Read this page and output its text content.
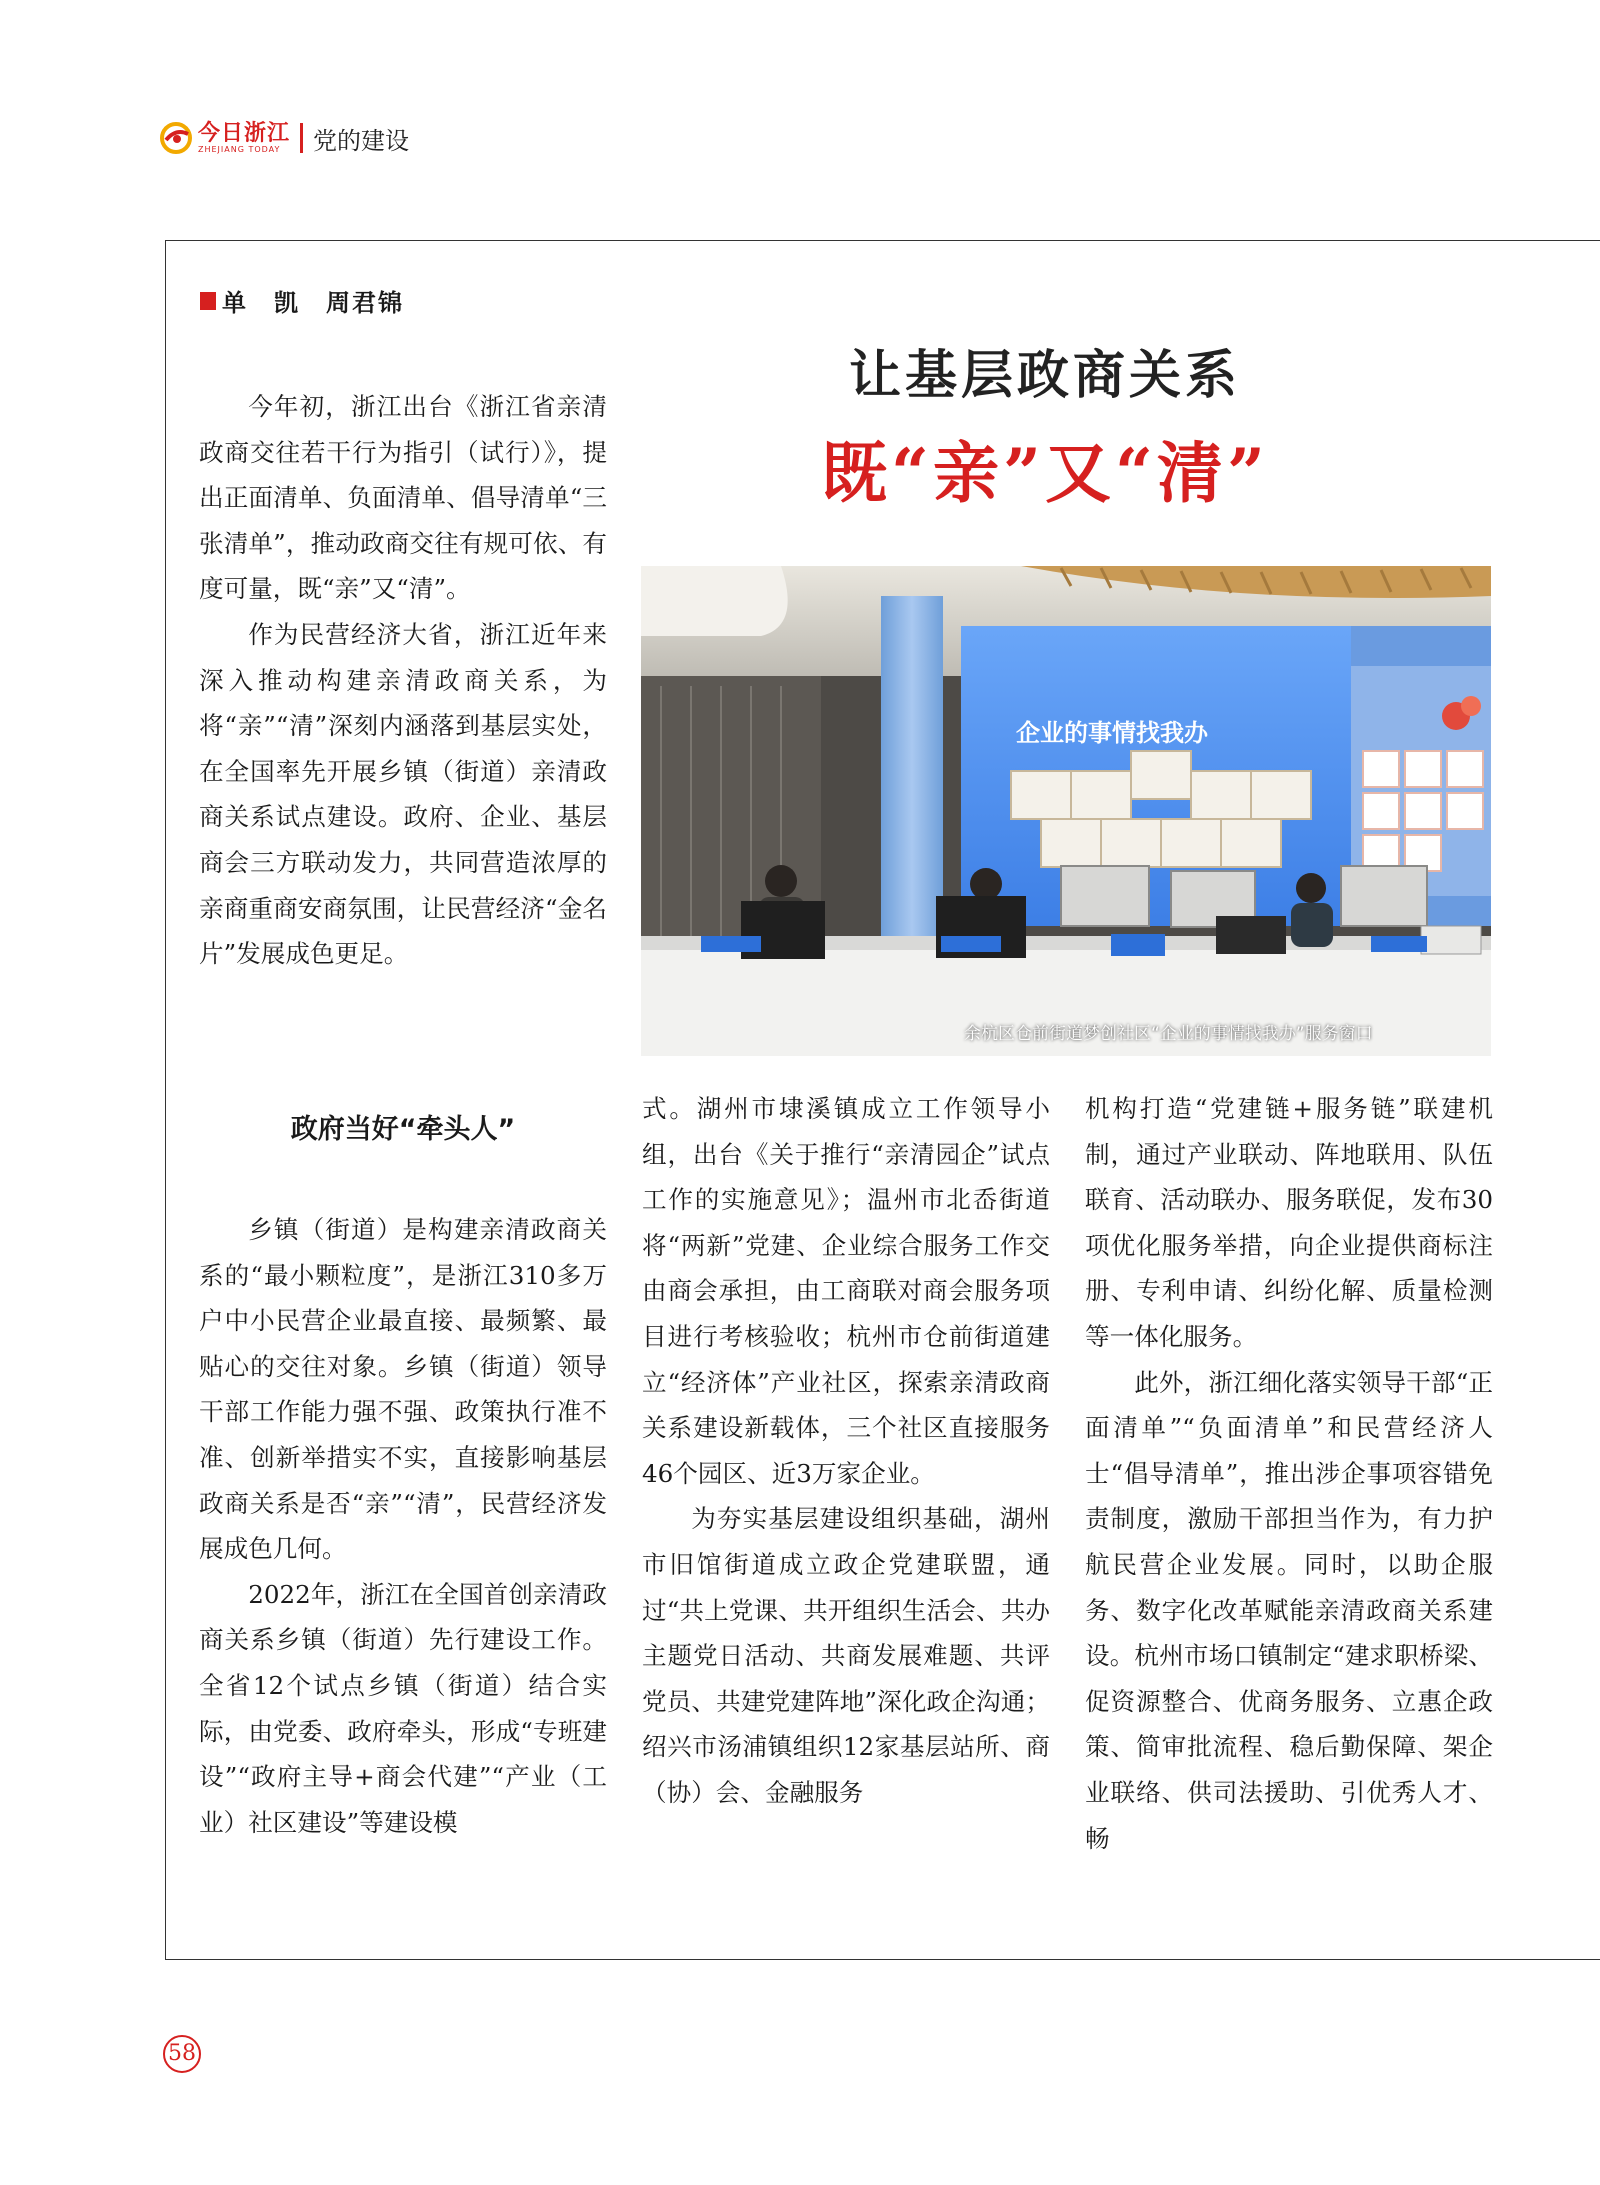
今日浙江
ZHEJIANG TODAY	党的建设
单　凯　周君锦
让基层政商关系
既“亲”又“清”
企业的事情找我办
余杭区仓前街道梦创社区“企业的事情找我办”服务窗口

今年初，浙江出台《浙江省亲清政商交往若干行为指引（试行）》，提出正面清单、负面清单、倡导清单“三张清单”，推动政商交往有规可依、有度可量，既“亲”又“清”。

作为民营经济大省，浙江近年来深入推动构建亲清政商关系，为将“亲”“清”深刻内涵落到基层实处，在全国率先开展乡镇（街道）亲清政商关系试点建设。政府、企业、基层商会三方联动发力，共同营造浓厚的亲商重商安商氛围，让民营经济“金名片”发展成色更足。

政府当好“牵头人”

乡镇（街道）是构建亲清政商关系的“最小颗粒度”，是浙江310多万户中小民营企业最直接、最频繁、最贴心的交往对象。乡镇（街道）领导干部工作能力强不强、政策执行准不准、创新举措实不实，直接影响基层政商关系是否“亲”“清”，民营经济发展成色几何。

2022年，浙江在全国首创亲清政商关系乡镇（街道）先行建设工作。全省12个试点乡镇（街道）结合实际，由党委、政府牵头，形成“专班建设”“政府主导+商会代建”“产业（工业）社区建设”等建设模

式。湖州市埭溪镇成立工作领导小组，出台《关于推行“亲清园企”试点工作的实施意见》；温州市北岙街道将“两新”党建、企业综合服务工作交由商会承担，由工商联对商会服务项目进行考核验收；杭州市仓前街道建立“经济体”产业社区，探索亲清政商关系建设新载体，三个社区直接服务46个园区、近3万家企业。

为夯实基层建设组织基础，湖州市旧馆街道成立政企党建联盟，通过“共上党课、共开组织生活会、共办主题党日活动、共商发展难题、共评党员、共建党建阵地”深化政企沟通；绍兴市汤浦镇组织12家基层站所、商（协）会、金融服务

机构打造“党建链+服务链”联建机制，通过产业联动、阵地联用、队伍联育、活动联办、服务联促，发布30项优化服务举措，向企业提供商标注册、专利申请、纠纷化解、质量检测等一体化服务。

此外，浙江细化落实领导干部“正面清单”“负面清单”和民营经济人士“倡导清单”，推出涉企事项容错免责制度，激励干部担当作为，有力护航民营企业发展。同时，以助企服务、数字化改革赋能亲清政商关系建设。杭州市场口镇制定“建求职桥梁、促资源整合、优商务服务、立惠企政策、简审批流程、稳后勤保障、架企业联络、供司法援助、引优秀人才、畅

58
